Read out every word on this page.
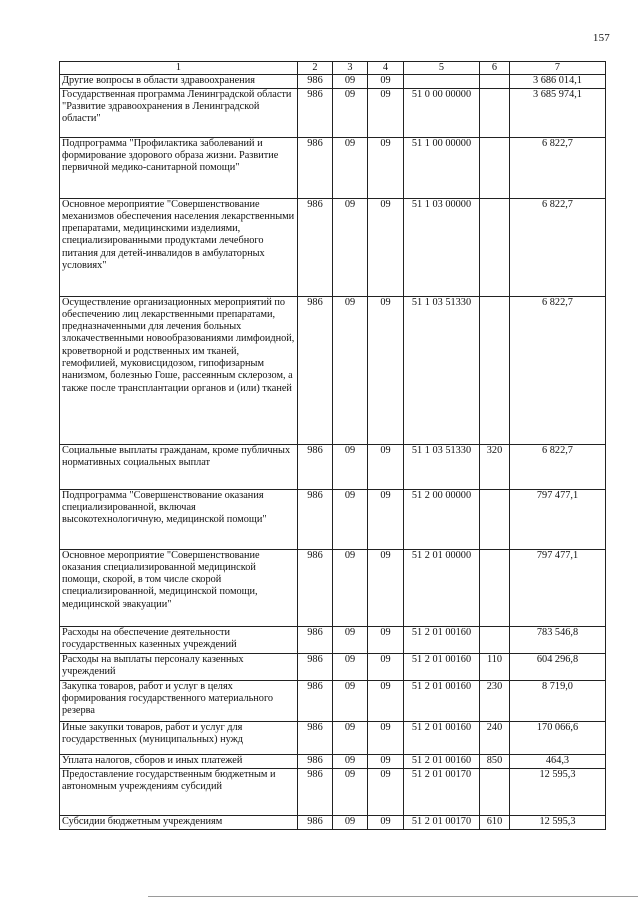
157
1	2	3	4	5	6	7
Другие вопросы в области здравоохранения	986	09	09			3 686 014,1
Государственная программа Ленинградской области "Развитие здравоохранения в Ленинградской области"	986	09	09	51 0 00 00000		3 685 974,1
Подпрограмма "Профилактика заболеваний и формирование здорового образа жизни. Развитие первичной медико-санитарной помощи"	986	09	09	51 1 00 00000		6 822,7
Основное мероприятие "Совершенствование механизмов обеспечения населения лекарственными препаратами, медицинскими изделиями, специализированными продуктами лечебного питания для детей-инвалидов в амбулаторных условиях"	986	09	09	51 1 03 00000		6 822,7
Осуществление организационных мероприятий по обеспечению лиц лекарственными препаратами, предназначенными для лечения больных злокачественными новообразованиями лимфоидной, кроветворной и родственных им тканей, гемофилией, муковисцидозом, гипофизарным нанизмом, болезнью Гоше, рассеянным склерозом, а также после трансплантации органов и (или) тканей	986	09	09	51 1 03 51330		6 822,7
Социальные выплаты гражданам, кроме публичных нормативных социальных выплат	986	09	09	51 1 03 51330	320	6 822,7
Подпрограмма "Совершенствование оказания специализированной, включая высокотехнологичную, медицинской помощи"	986	09	09	51 2 00 00000		797 477,1
Основное мероприятие "Совершенствование оказания специализированной медицинской помощи, скорой, в том числе скорой специализированной, медицинской помощи, медицинской эвакуации"	986	09	09	51 2 01 00000		797 477,1
Расходы на обеспечение деятельности государственных казенных учреждений	986	09	09	51 2 01 00160		783 546,8
Расходы на выплаты персоналу казенных учреждений	986	09	09	51 2 01 00160	110	604 296,8
Закупка товаров, работ и услуг в целях формирования государственного материального резерва	986	09	09	51 2 01 00160	230	8 719,0
Иные закупки товаров, работ и услуг для государственных (муниципальных) нужд	986	09	09	51 2 01 00160	240	170 066,6
Уплата налогов, сборов и иных платежей	986	09	09	51 2 01 00160	850	464,3
Предоставление государственным бюджетным и автономным учреждениям субсидий	986	09	09	51 2 01 00170		12 595,3
Субсидии бюджетным учреждениям	986	09	09	51 2 01 00170	610	12 595,3
